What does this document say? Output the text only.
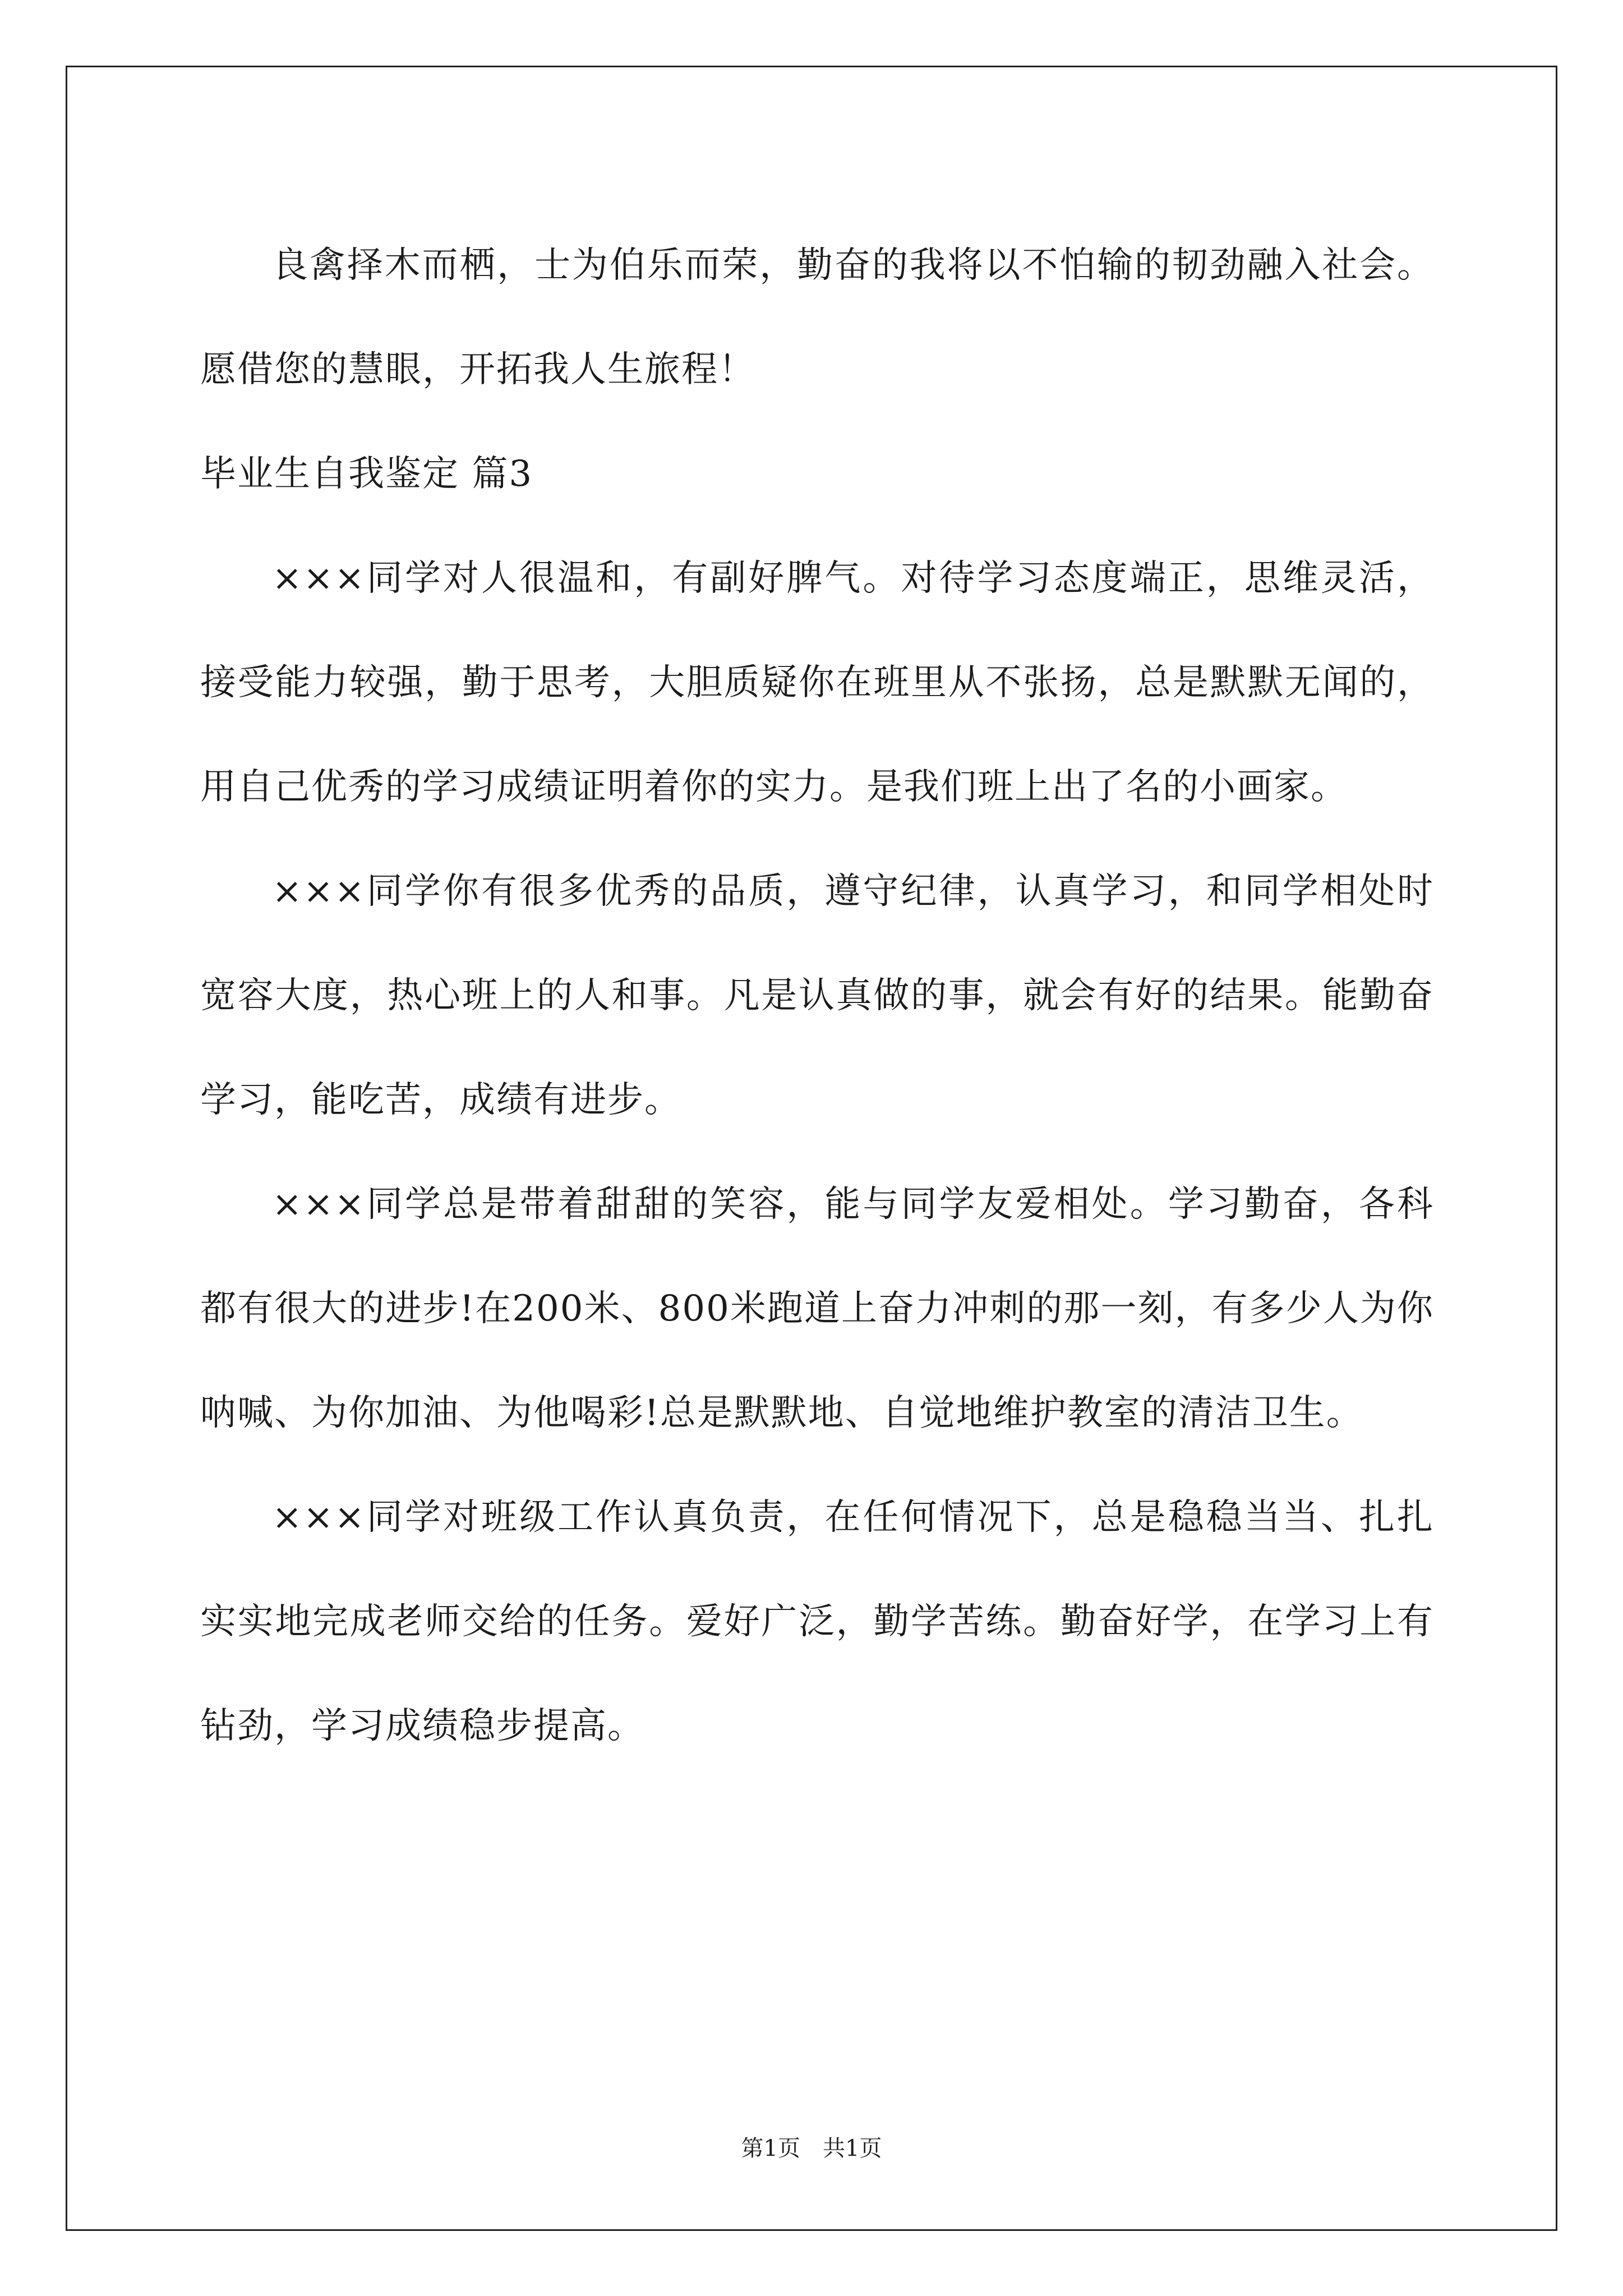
良禽择木而栖，士为伯乐而荣，勤奋的我将以不怕输的韧劲融入社会。愿借您的慧眼，开拓我人生旅程！

毕业生自我鉴定 篇3

×××同学对人很温和，有副好脾气。对待学习态度端正，思维灵活，接受能力较强，勤于思考，大胆质疑你在班里从不张扬，总是默默无闻的，用自己优秀的学习成绩证明着你的实力。是我们班上出了名的小画家。

×××同学你有很多优秀的品质，遵守纪律，认真学习，和同学相处时宽容大度，热心班上的人和事。凡是认真做的事，就会有好的结果。能勤奋学习，能吃苦，成绩有进步。

×××同学总是带着甜甜的笑容，能与同学友爱相处。学习勤奋，各科都有很大的进步!在200米、800米跑道上奋力冲刺的那一刻，有多少人为你呐喊、为你加油、为他喝彩!总是默默地、自觉地维护教室的清洁卫生。

×××同学对班级工作认真负责，在任何情况下，总是稳稳当当、扎扎实实地完成老师交给的任务。爱好广泛，勤学苦练。勤奋好学，在学习上有钻劲，学习成绩稳步提高。

第1页　共1页
